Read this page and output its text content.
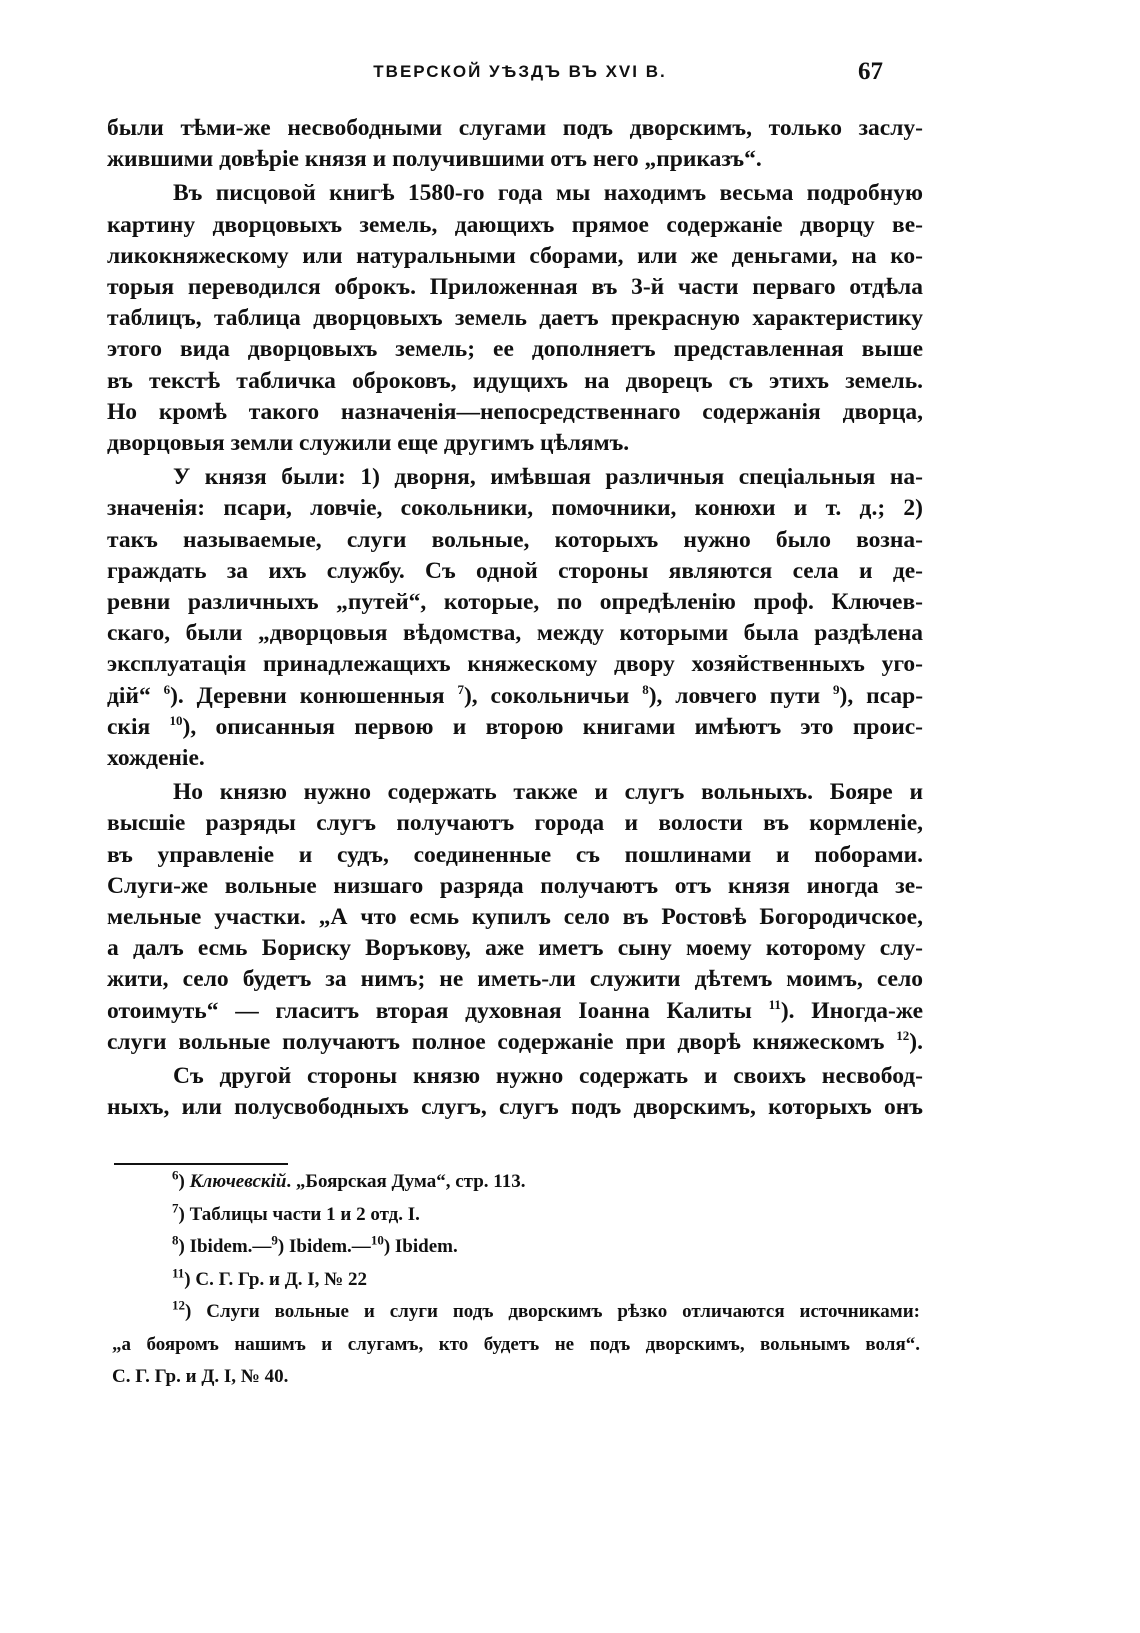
ТВЕРСКОЙ УѢЗДЪ ВЪ XVI В.	67
были тѣми-же несвободными слугами подъ дворскимъ, только заслу-
жившими довѣріе князя и получившими отъ него „приказъ“.
Въ писцовой книгѣ 1580-го года мы находимъ весьма подробную
картину дворцовыхъ земель, дающихъ прямое содержаніе дворцу ве-
ликокняжескому или натуральными сборами, или же деньгами, на ко-
торыя переводился оброкъ. Приложенная въ 3-й части перваго отдѣла
таблицъ, таблица дворцовыхъ земель даетъ прекрасную характеристику
этого вида дворцовыхъ земель; ее дополняетъ представленная выше
въ текстѣ табличка оброковъ, идущихъ на дворецъ съ этихъ земель.
Но кромѣ такого назначенія—непосредственнаго содержанія дворца,
дворцовыя земли служили еще другимъ цѣлямъ.
У князя были: 1) дворня, имѣвшая различныя спеціальныя на-
значенія: псари, ловчіе, сокольники, помочники, конюхи и т. д.; 2)
такъ называемые, слуги вольные, которыхъ нужно было возна-
граждать за ихъ службу. Съ одной стороны являются села и де-
ревни различныхъ „путей“, которые, по опредѣленію проф. Ключев-
скаго, были „дворцовыя вѣдомства, между которыми была раздѣлена
эксплуатація принадлежащихъ княжескому двору хозяйственныхъ уго-
дій“ $^6$). Деревни конюшенныя $^7$), сокольничьи $^8$), ловчего пути $^9$), псар-
скія $^{10}$), описанныя первою и второю книгами имѣютъ это проис-
хожденіе.
Но князю нужно содержать также и слугъ вольныхъ. Бояре и
высшіе разряды слугъ получаютъ города и волости въ кормленіе,
въ управленіе и судъ, соединенные съ пошлинами и поборами.
Слуги-же вольные низшаго разряда получаютъ отъ князя иногда зе-
мельные участки. „А что есмь купилъ село въ Ростовѣ Богородичское,
а далъ есмь Бориску Воръкову, аже иметъ сыну моему которому слу-
жити, село будетъ за нимъ; не иметь-ли служити дѣтемъ моимъ, село
отоимуть“ — гласитъ вторая духовная Іоанна Калиты $^{11}$). Иногда-же
слуги вольные получаютъ полное содержаніе при дворѣ княжескомъ $^{12}$).
Съ другой стороны князю нужно содержать и своихъ несвобод-
ныхъ, или полусвободныхъ слугъ, слугъ подъ дворскимъ, которыхъ онъ
$^6$) Ключевскій. „Боярская Дума“, стр. 113.
$^7$) Таблицы части 1 и 2 отд. I.
$^8$) Ibidem.—$^9$) Ibidem.—$^{10}$) Ibidem.
$^{11}$) С. Г. Гр. и Д. I, № 22
$^{12}$) Слуги вольные и слуги подъ дворскимъ рѣзко отличаются источниками:
„а бояромъ нашимъ и слугамъ, кто будетъ не подъ дворскимъ, вольнымъ воля“.
С. Г. Гр. и Д. I, № 40.
